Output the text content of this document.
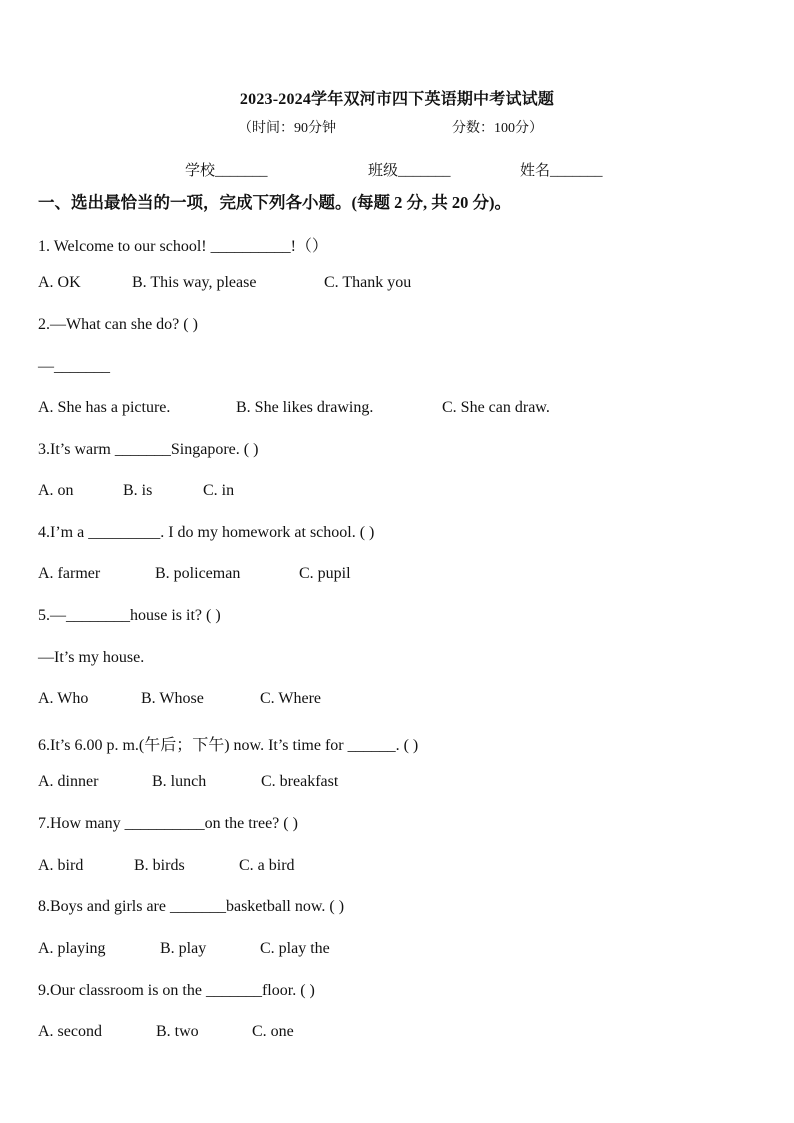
2023-2024学年双河市四下英语期中考试试题
（时间：90分钟	分数：100分）
学校_______	班级_______	姓名_______
一、选出最恰当的一项，完成下列各小题。(每题 2 分, 共 20 分)。
1. Welcome to our school! __________!（）
A. OK	B. This way, please	C. Thank you
2.—What can she do? ( )
—_______
A. She has a picture.	B. She likes drawing.	C. She can draw.
3.It’s warm _______Singapore. ( )
A. on	B. is	C. in
4.I’m a _________. I do my homework at school. ( )
A. farmer	B. policeman	C. pupil
5.—________house is it? ( )
—It’s my house.
A. Who	B. Whose	C. Where
6.It’s 6.00 p. m.(午后；下午) now. It’s time for ______. ( )
A. dinner	B. lunch	C. breakfast
7.How many __________on the tree? ( )
A. bird	B. birds	C. a bird
8.Boys and girls are _______basketball now. ( )
A. playing	B. play	C. play the
9.Our classroom is on the _______floor. ( )
A. second	B. two	C. one
